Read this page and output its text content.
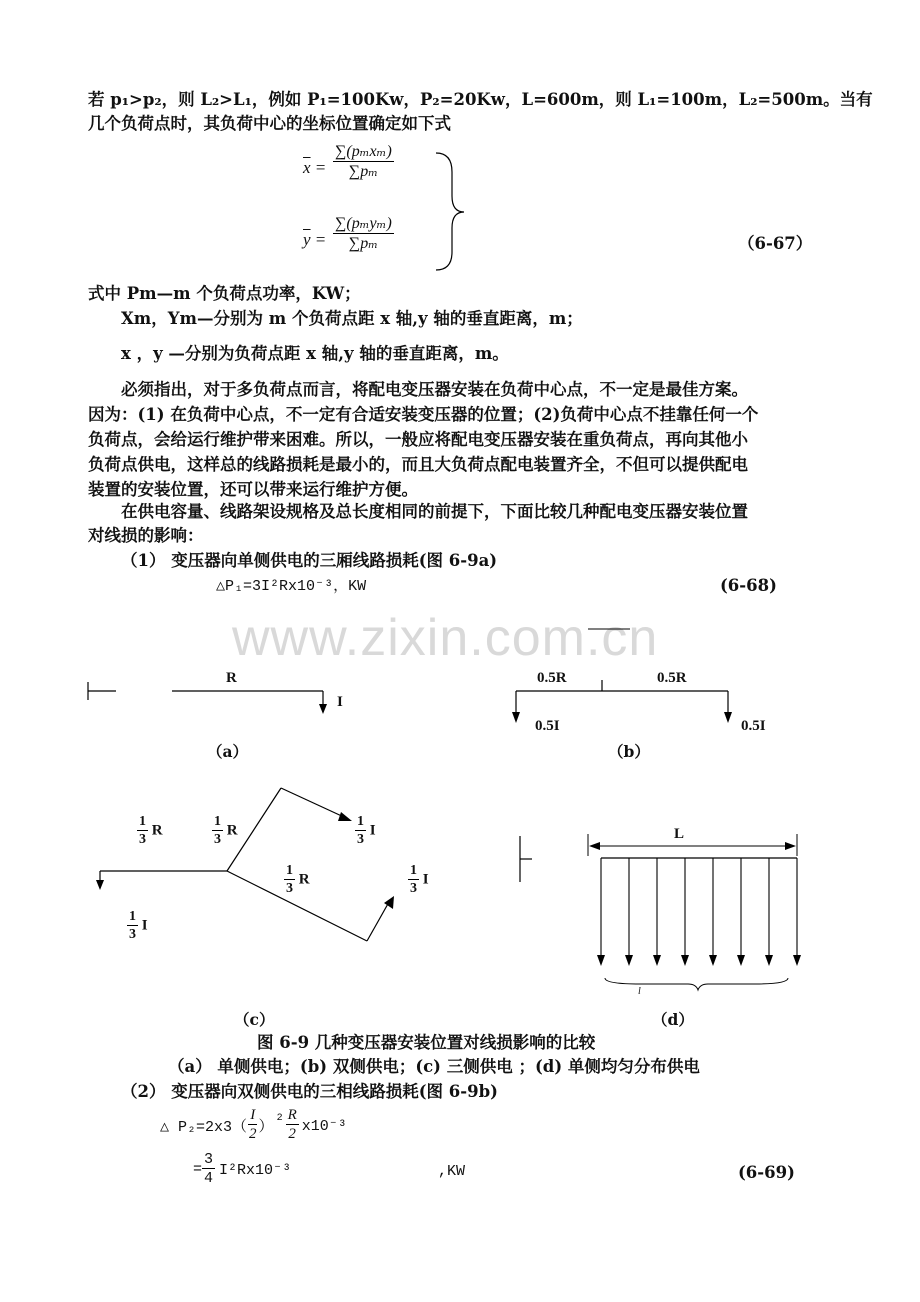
若 p₁>p₂，则 L₂>L₁，例如 P₁=100Kw，P₂=20Kw，L=600m，则 L₁=100m，L₂=500m。当有
几个负荷点时，其负荷中心的坐标位置确定如下式
$\overline{x} = \frac{\text{∑(pₘxₘ)}}{\text{∑pₘ}}$
$\overline{y} = \frac{\text{∑(pₘyₘ)}}{\text{∑pₘ}}$	（6-67）
式中 Pm—m 个负荷点功率，KW；
Xm，Ym—分别为 m 个负荷点距 x 轴,y 轴的垂直距离，m；
x ，y —分别为负荷点距 x 轴,y 轴的垂直距离，m。
必须指出，对于多负荷点而言，将配电变压器安装在负荷中心点，不一定是最佳方案。
因为：(1) 在负荷中心点，不一定有合适安装变压器的位置；(2)负荷中心点不挂靠任何一个
负荷点，会给运行维护带来困难。所以，一般应将配电变压器安装在重负荷点，再向其他小
负荷点供电，这样总的线路损耗是最小的，而且大负荷点配电装置齐全，不但可以提供配电
装置的安装位置，还可以带来运行维护方便。
在供电容量、线路架设规格及总长度相同的前提下，下面比较几种配电变压器安装位置
对线损的影响：
（1） 变压器向单侧供电的三厢线路损耗(图 6-9a)
△P₁=3I²Rx10⁻³，KW	(6-68)
www.zixin.com.cn
R
I
（a）
0.5R	0.5R
0.5I	0.5I
（b）
$\frac{1}{3}$ R	$\frac{1}{3}$ R	$\frac{1}{3}$ I
$\frac{1}{3}$ R	$\frac{1}{3}$ I
$\frac{1}{3}$ I
（c）
L
l
（d）
图 6-9 几种变压器安装位置对线损影响的比较
（a） 单侧供电；(b) 双侧供电；(c) 三侧供电 ；(d) 单侧均匀分布供电
（2） 变压器向双侧供电的三相线路损耗(图 6-9b)
△ $P_2=2x3( \frac{I}{2}$ ）
$2 \frac{R}{2} x10^{-3}$
= $\frac{3}{4} I^2Rx10^{-3}$	,KW	(6-69)
